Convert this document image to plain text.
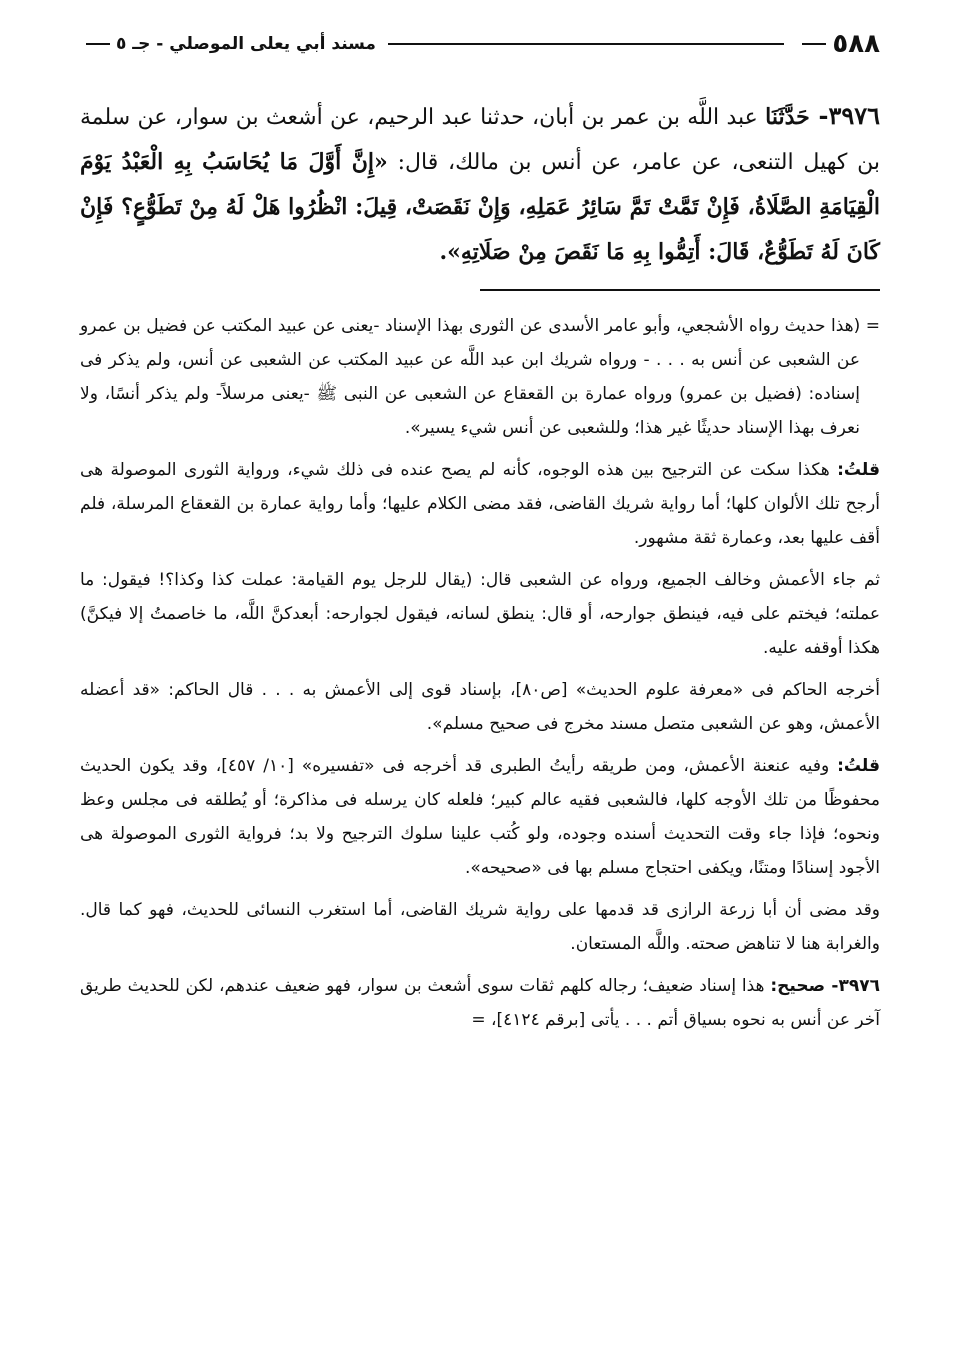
٥٨٨
مسند أبي يعلى الموصلي - جـ ٥
٣٩٧٦- حَدَّثَنَا عبد اللَّه بن عمر بن أبان، حدثنا عبد الرحيم، عن أشعث بن سوار، عن سلمة بن كهيل التنعى، عن عامر، عن أنس بن مالك، قال: «إِنَّ أَوَّلَ مَا يُحَاسَبُ بِهِ الْعَبْدُ يَوْمَ الْقِيَامَةِ الصَّلَاةُ، فَإِنْ تَمَّتْ تَمَّ سَائِرُ عَمَلِهِ، وَإِنْ نَقَصَتْ، قِيلَ: انْظُرُوا هَلْ لَهُ مِنْ تَطَوُّعٍ؟ فَإِنْ كَانَ لَهُ تَطَوُّعٌ، قَالَ: أَتِمُّوا بِهِ مَا نَقَصَ مِنْ صَلَاتِهِ».

= (هذا حديث رواه الأشجعي، وأبو عامر الأسدى عن الثورى بهذا الإسناد -يعنى عن عبيد المكتب عن فضيل بن عمرو عن الشعبى عن أنس به . . . - ورواه شريك ابن عبد اللَّه عن عبيد المكتب عن الشعبى عن أنس، ولم يذكر فى إسناده: (فضيل بن عمرو) ورواه عمارة بن القعقاع عن الشعبى عن النبى ﷺ -يعنى مرسلاً- ولم يذكر أنسًا، ولا نعرف بهذا الإسناد حديثًا غير هذا؛ وللشعبى عن أنس شيء يسير».

قلتُ: هكذا سكت عن الترجيح بين هذه الوجوه، كأنه لم يصح عنده فى ذلك شيء، ورواية الثورى الموصولة هى أرجح تلك الألوان كلها؛ أما رواية شريك القاضى، فقد مضى الكلام عليها؛ وأما رواية عمارة بن القعقاع المرسلة، فلم أقف عليها بعد، وعمارة ثقة مشهور.

ثم جاء الأعمش وخالف الجميع، ورواه عن الشعبى قال: (يقال للرجل يوم القيامة: عملت كذا وكذا؟! فيقول: ما عملته؛ فيختم على فيه، فينطق جوارحه، أو قال: ينطق لسانه، فيقول لجوارحه: أبعدكنَّ اللَّه، ما خاصمتُ إلا فيكنَّ) هكذا أوقفه عليه.

أخرجه الحاكم فى «معرفة علوم الحديث» [ص٨٠]، بإسناد قوى إلى الأعمش به . . . قال الحاكم: «قد أعضله الأعمش، وهو عن الشعبى متصل مسند مخرج فى صحيح مسلم».

قلتُ: وفيه عنعنة الأعمش، ومن طريقه رأيتُ الطبرى قد أخرجه فى «تفسيره» [١٠/ ٤٥٧]، وقد يكون الحديث محفوظًا من تلك الأوجه كلها، فالشعبى فقيه عالم كبير؛ فلعله كان يرسله فى مذاكرة؛ أو يُطلقه فى مجلس وعظ ونحوه؛ فإذا جاء وقت التحديث أسنده وجوده، ولو كُتب علينا سلوك الترجيح ولا بد؛ فرواية الثورى الموصولة هى الأجود إسنادًا ومتنًا، ويكفى احتجاج مسلم بها فى «صحيحه».

وقد مضى أن أبا زرعة الرازى قد قدمها على رواية شريك القاضى، أما استغرب النسائى للحديث، فهو كما قال. والغرابة هنا لا تناهض صحته. واللَّه المستعان.

٣٩٧٦- صحيح: هذا إسناد ضعيف؛ رجاله كلهم ثقات سوى أشعث بن سوار، فهو ضعيف عندهم، لكن للحديث طريق آخر عن أنس به نحوه بسياق أتم . . . يأتى [برقم ٤١٢٤]، =
